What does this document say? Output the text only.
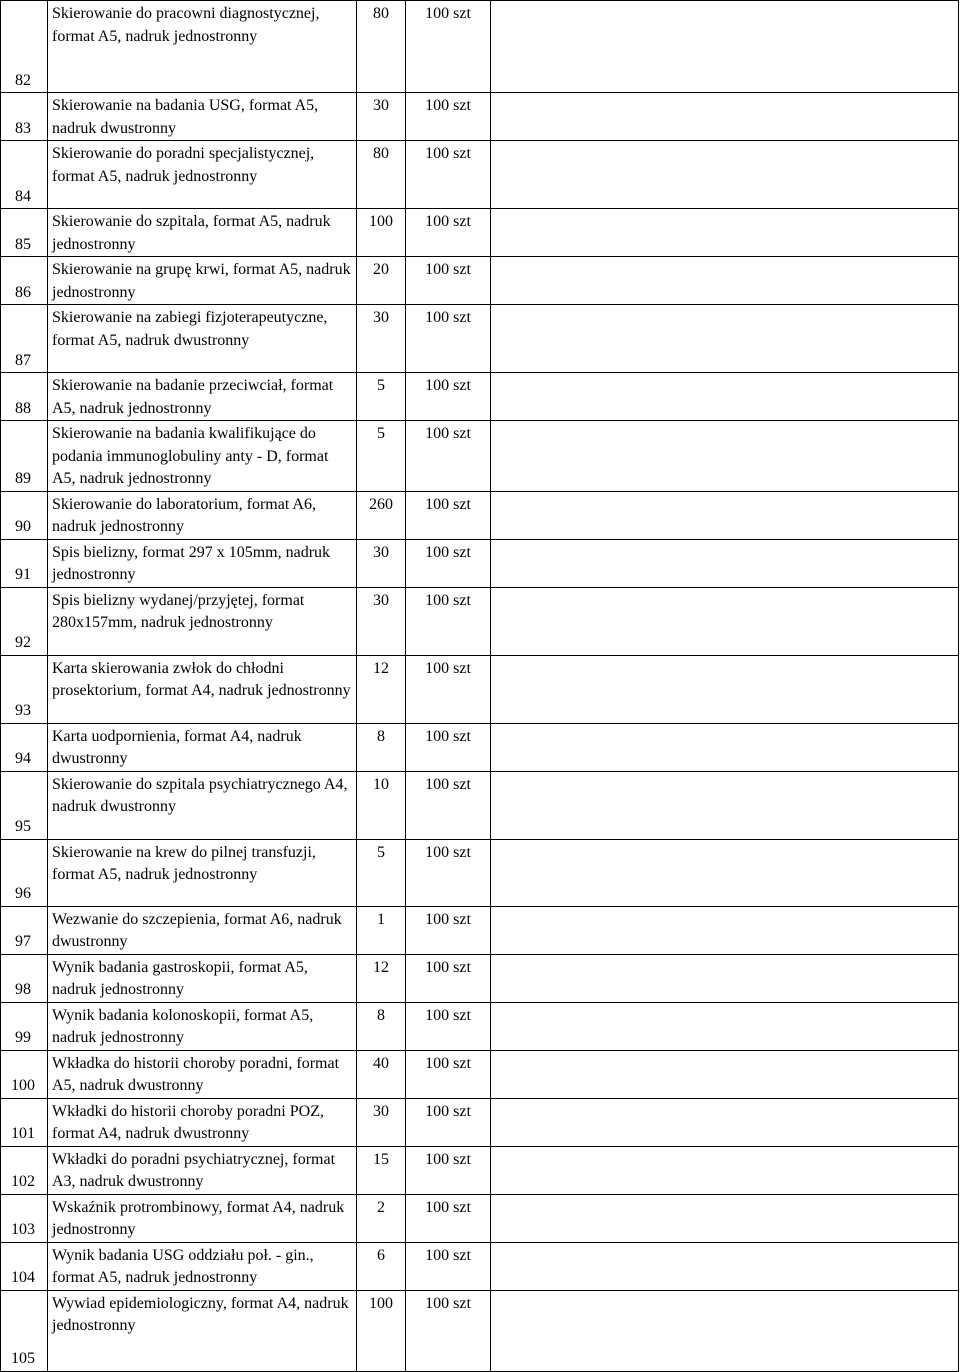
82	Skierowanie do pracowni diagnostycznej, format A5, nadruk jednostronny	80	100 szt	
83	Skierowanie na badania USG, format A5, nadruk dwustronny	30	100 szt	
84	Skierowanie do poradni specjalistycznej, format A5, nadruk jednostronny	80	100 szt	
85	Skierowanie do szpitala, format A5, nadruk jednostronny	100	100 szt	
86	Skierowanie na grupę krwi, format A5, nadruk jednostronny	20	100 szt	
87	Skierowanie na zabiegi fizjoterapeutyczne, format A5, nadruk dwustronny	30	100 szt	
88	Skierowanie na badanie przeciwciał, format A5, nadruk jednostronny	5	100 szt	
89	Skierowanie na badania kwalifikujące do podania immunoglobuliny anty - D, format A5, nadruk jednostronny	5	100 szt	
90	Skierowanie do laboratorium, format A6, nadruk jednostronny	260	100 szt	
91	Spis bielizny, format 297 x 105mm, nadruk jednostronny	30	100 szt	
92	Spis bielizny wydanej/przyjętej, format 280x157mm, nadruk jednostronny	30	100 szt	
93	Karta skierowania zwłok do chłodni prosektorium, format A4, nadruk jednostronny	12	100 szt	
94	Karta uodpornienia, format A4, nadruk dwustronny	8	100 szt	
95	Skierowanie do szpitala psychiatrycznego A4, nadruk dwustronny	10	100 szt	
96	Skierowanie na krew do pilnej transfuzji, format A5, nadruk jednostronny	5	100 szt	
97	Wezwanie do szczepienia, format A6, nadruk dwustronny	1	100 szt	
98	Wynik badania gastroskopii, format A5, nadruk jednostronny	12	100 szt	
99	Wynik badania kolonoskopii, format A5, nadruk jednostronny	8	100 szt	
100	Wkładka do historii choroby poradni, format A5, nadruk dwustronny	40	100 szt	
101	Wkładki do historii choroby poradni POZ, format A4, nadruk dwustronny	30	100 szt	
102	Wkładki do poradni psychiatrycznej, format A3, nadruk dwustronny	15	100 szt	
103	Wskaźnik protrombinowy, format A4, nadruk jednostronny	2	100 szt	
104	Wynik badania USG oddziału poł. - gin., format A5, nadruk jednostronny	6	100 szt	
105	Wywiad epidemiologiczny, format A4, nadruk jednostronny	100	100 szt	
